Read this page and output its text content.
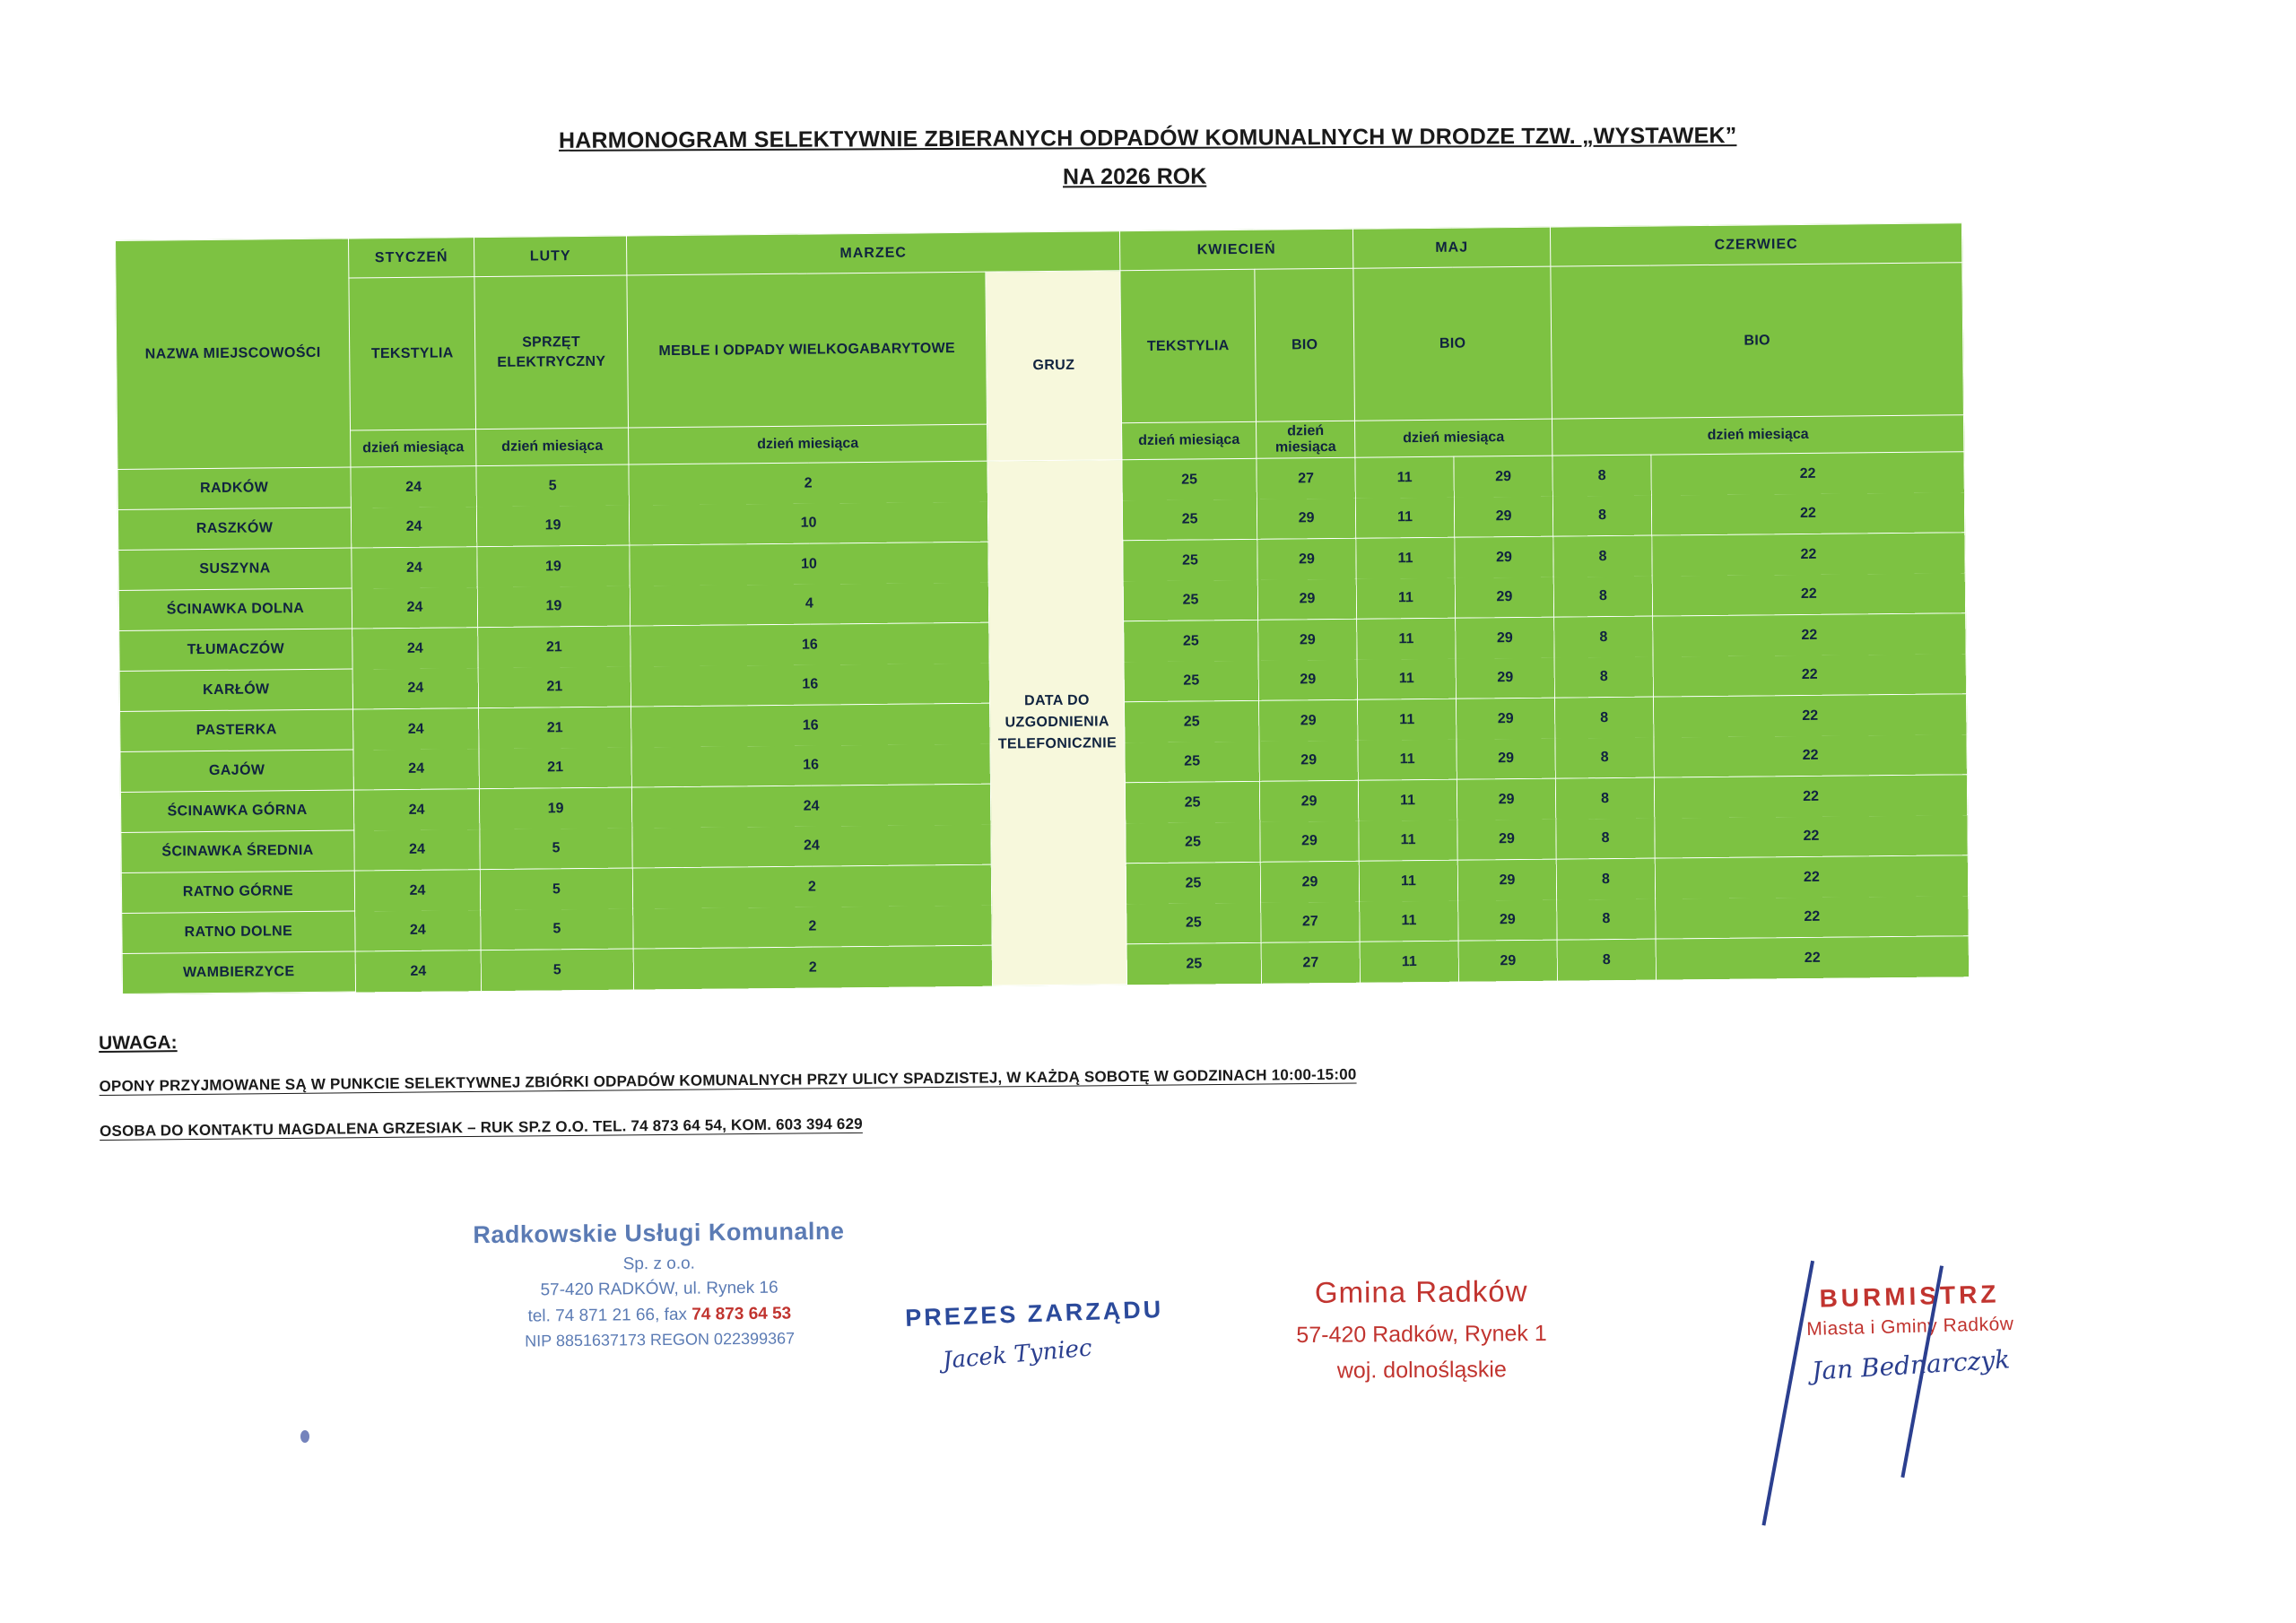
HARMONOGRAM SELEKTYWNIE ZBIERANYCH ODPADÓW KOMUNALNYCH W DRODZE TZW. „WYSTAWEK”
NA 2026 ROK
NAZWA MIEJSCOWOŚCI	STYCZEŃ	LUTY	MARZEC		KWIECIEŃ		MAJ		CZERWIEC	
	TEKSTYLIA	SPRZĘT ELEKTRYCZNY	MEBLE I ODPADY WIELKOGABARYTOWE	GRUZ	TEKSTYLIA	BIO	BIO		BIO	
	dzień miesiąca	dzień miesiąca	dzień miesiąca		dzień miesiąca	dzień miesiąca	dzień miesiąca		dzień miesiąca	
RADKÓW	24	5	2	DATA DO UZGODNIENIA TELEFONICZNIE	25	27	11	29	8	22
RASZKÓW	24	19	10		25	29	11	29	8	22
SUSZYNA	24	19	10		25	29	11	29	8	22
ŚCINAWKA DOLNA	24	19	4		25	29	11	29	8	22
TŁUMACZÓW	24	21	16		25	29	11	29	8	22
KARŁÓW	24	21	16		25	29	11	29	8	22
PASTERKA	24	21	16		25	29	11	29	8	22
GAJÓW	24	21	16		25	29	11	29	8	22
ŚCINAWKA GÓRNA	24	19	24		25	29	11	29	8	22
ŚCINAWKA ŚREDNIA	24	5	24		25	29	11	29	8	22
RATNO GÓRNE	24	5	2		25	29	11	29	8	22
RATNO DOLNE	24	5	2		25	27	11	29	8	22
WAMBIERZYCE	24	5	2		25	27	11	29	8	22
UWAGA:
OPONY PRZYJMOWANE SĄ W PUNKCIE SELEKTYWNEJ ZBIÓRKI ODPADÓW KOMUNALNYCH PRZY ULICY SPADZISTEJ, W KAŻDĄ SOBOTĘ W GODZINACH 10:00-15:00
OSOBA DO KONTAKTU MAGDALENA GRZESIAK – RUK SP.Z O.O. TEL. 74 873 64 54, KOM. 603 394 629
Radkowskie Usługi Komunalne
Sp. z o.o.
57-420 RADKÓW, ul. Rynek 16
tel. 74 871 21 66, fax 74 873 64 53
NIP 8851637173 REGON 022399367
PREZES ZARZĄDU
Jacek Tyniec
Gmina Radków
57-420 Radków, Rynek 1
woj. dolnośląskie
BURMISTRZ
Miasta i Gminy Radków
Jan Bednarczyk
